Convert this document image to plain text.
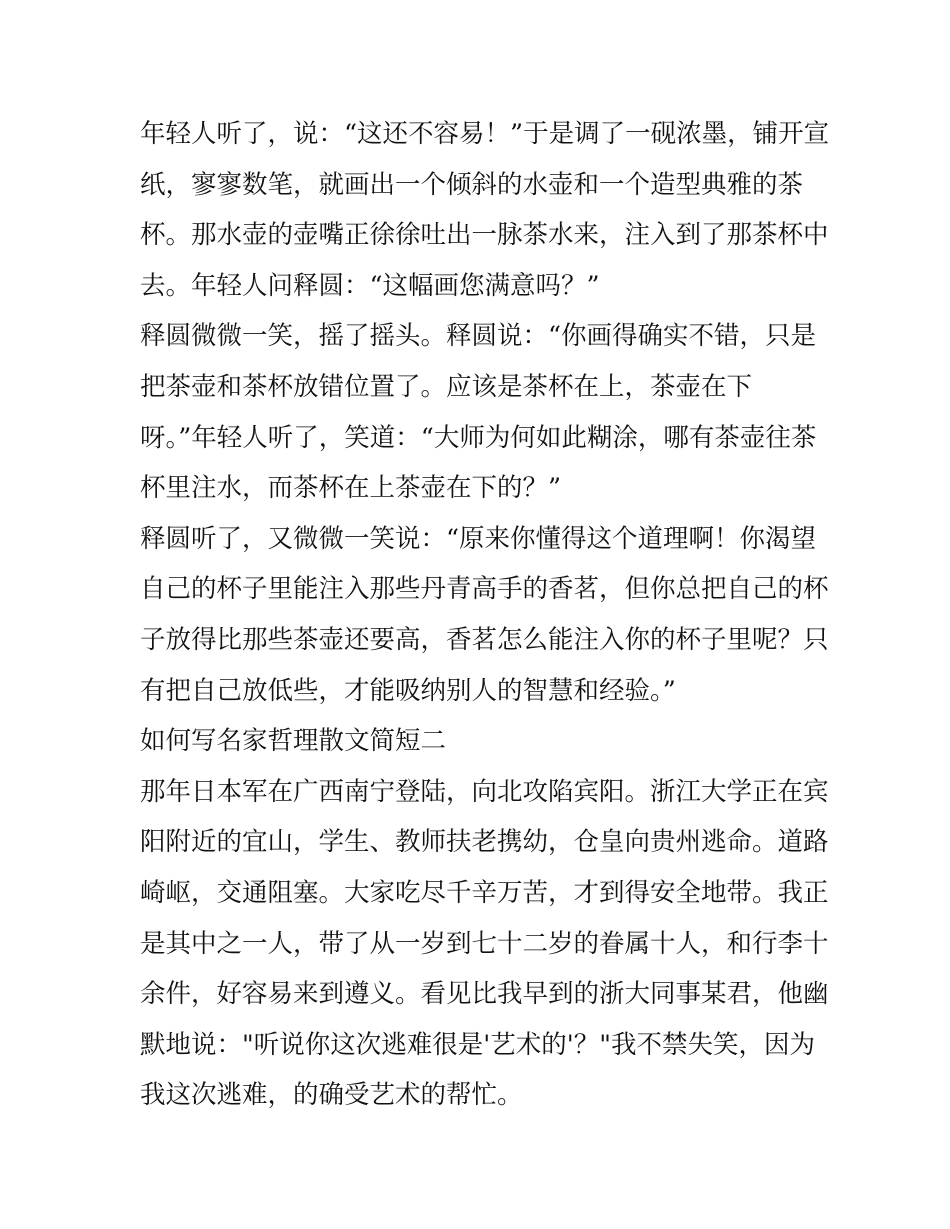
年轻人听了，说：“这还不容易！”于是调了一砚浓墨，铺开宣
纸，寥寥数笔，就画出一个倾斜的水壶和一个造型典雅的茶
杯。那水壶的壶嘴正徐徐吐出一脉茶水来，注入到了那茶杯中
去。年轻人问释圆：“这幅画您满意吗？”
释圆微微一笑，摇了摇头。释圆说：“你画得确实不错，只是
把茶壶和茶杯放错位置了。应该是茶杯在上，茶壶在下
呀。”年轻人听了，笑道：“大师为何如此糊涂，哪有茶壶往茶
杯里注水，而茶杯在上茶壶在下的？”
释圆听了，又微微一笑说：“原来你懂得这个道理啊！你渴望
自己的杯子里能注入那些丹青高手的香茗，但你总把自己的杯
子放得比那些茶壶还要高，香茗怎么能注入你的杯子里呢？只
有把自己放低些，才能吸纳别人的智慧和经验。”
如何写名家哲理散文简短二
那年日本军在广西南宁登陆，向北攻陷宾阳。浙江大学正在宾
阳附近的宜山，学生、教师扶老携幼，仓皇向贵州逃命。道路
崎岖，交通阻塞。大家吃尽千辛万苦，才到得安全地带。我正
是其中之一人，带了从一岁到七十二岁的眷属十人，和行李十
余件，好容易来到遵义。看见比我早到的浙大同事某君，他幽
默地说："听说你这次逃难很是'艺术的'？"我不禁失笑，因为
我这次逃难，的确受艺术的帮忙。
